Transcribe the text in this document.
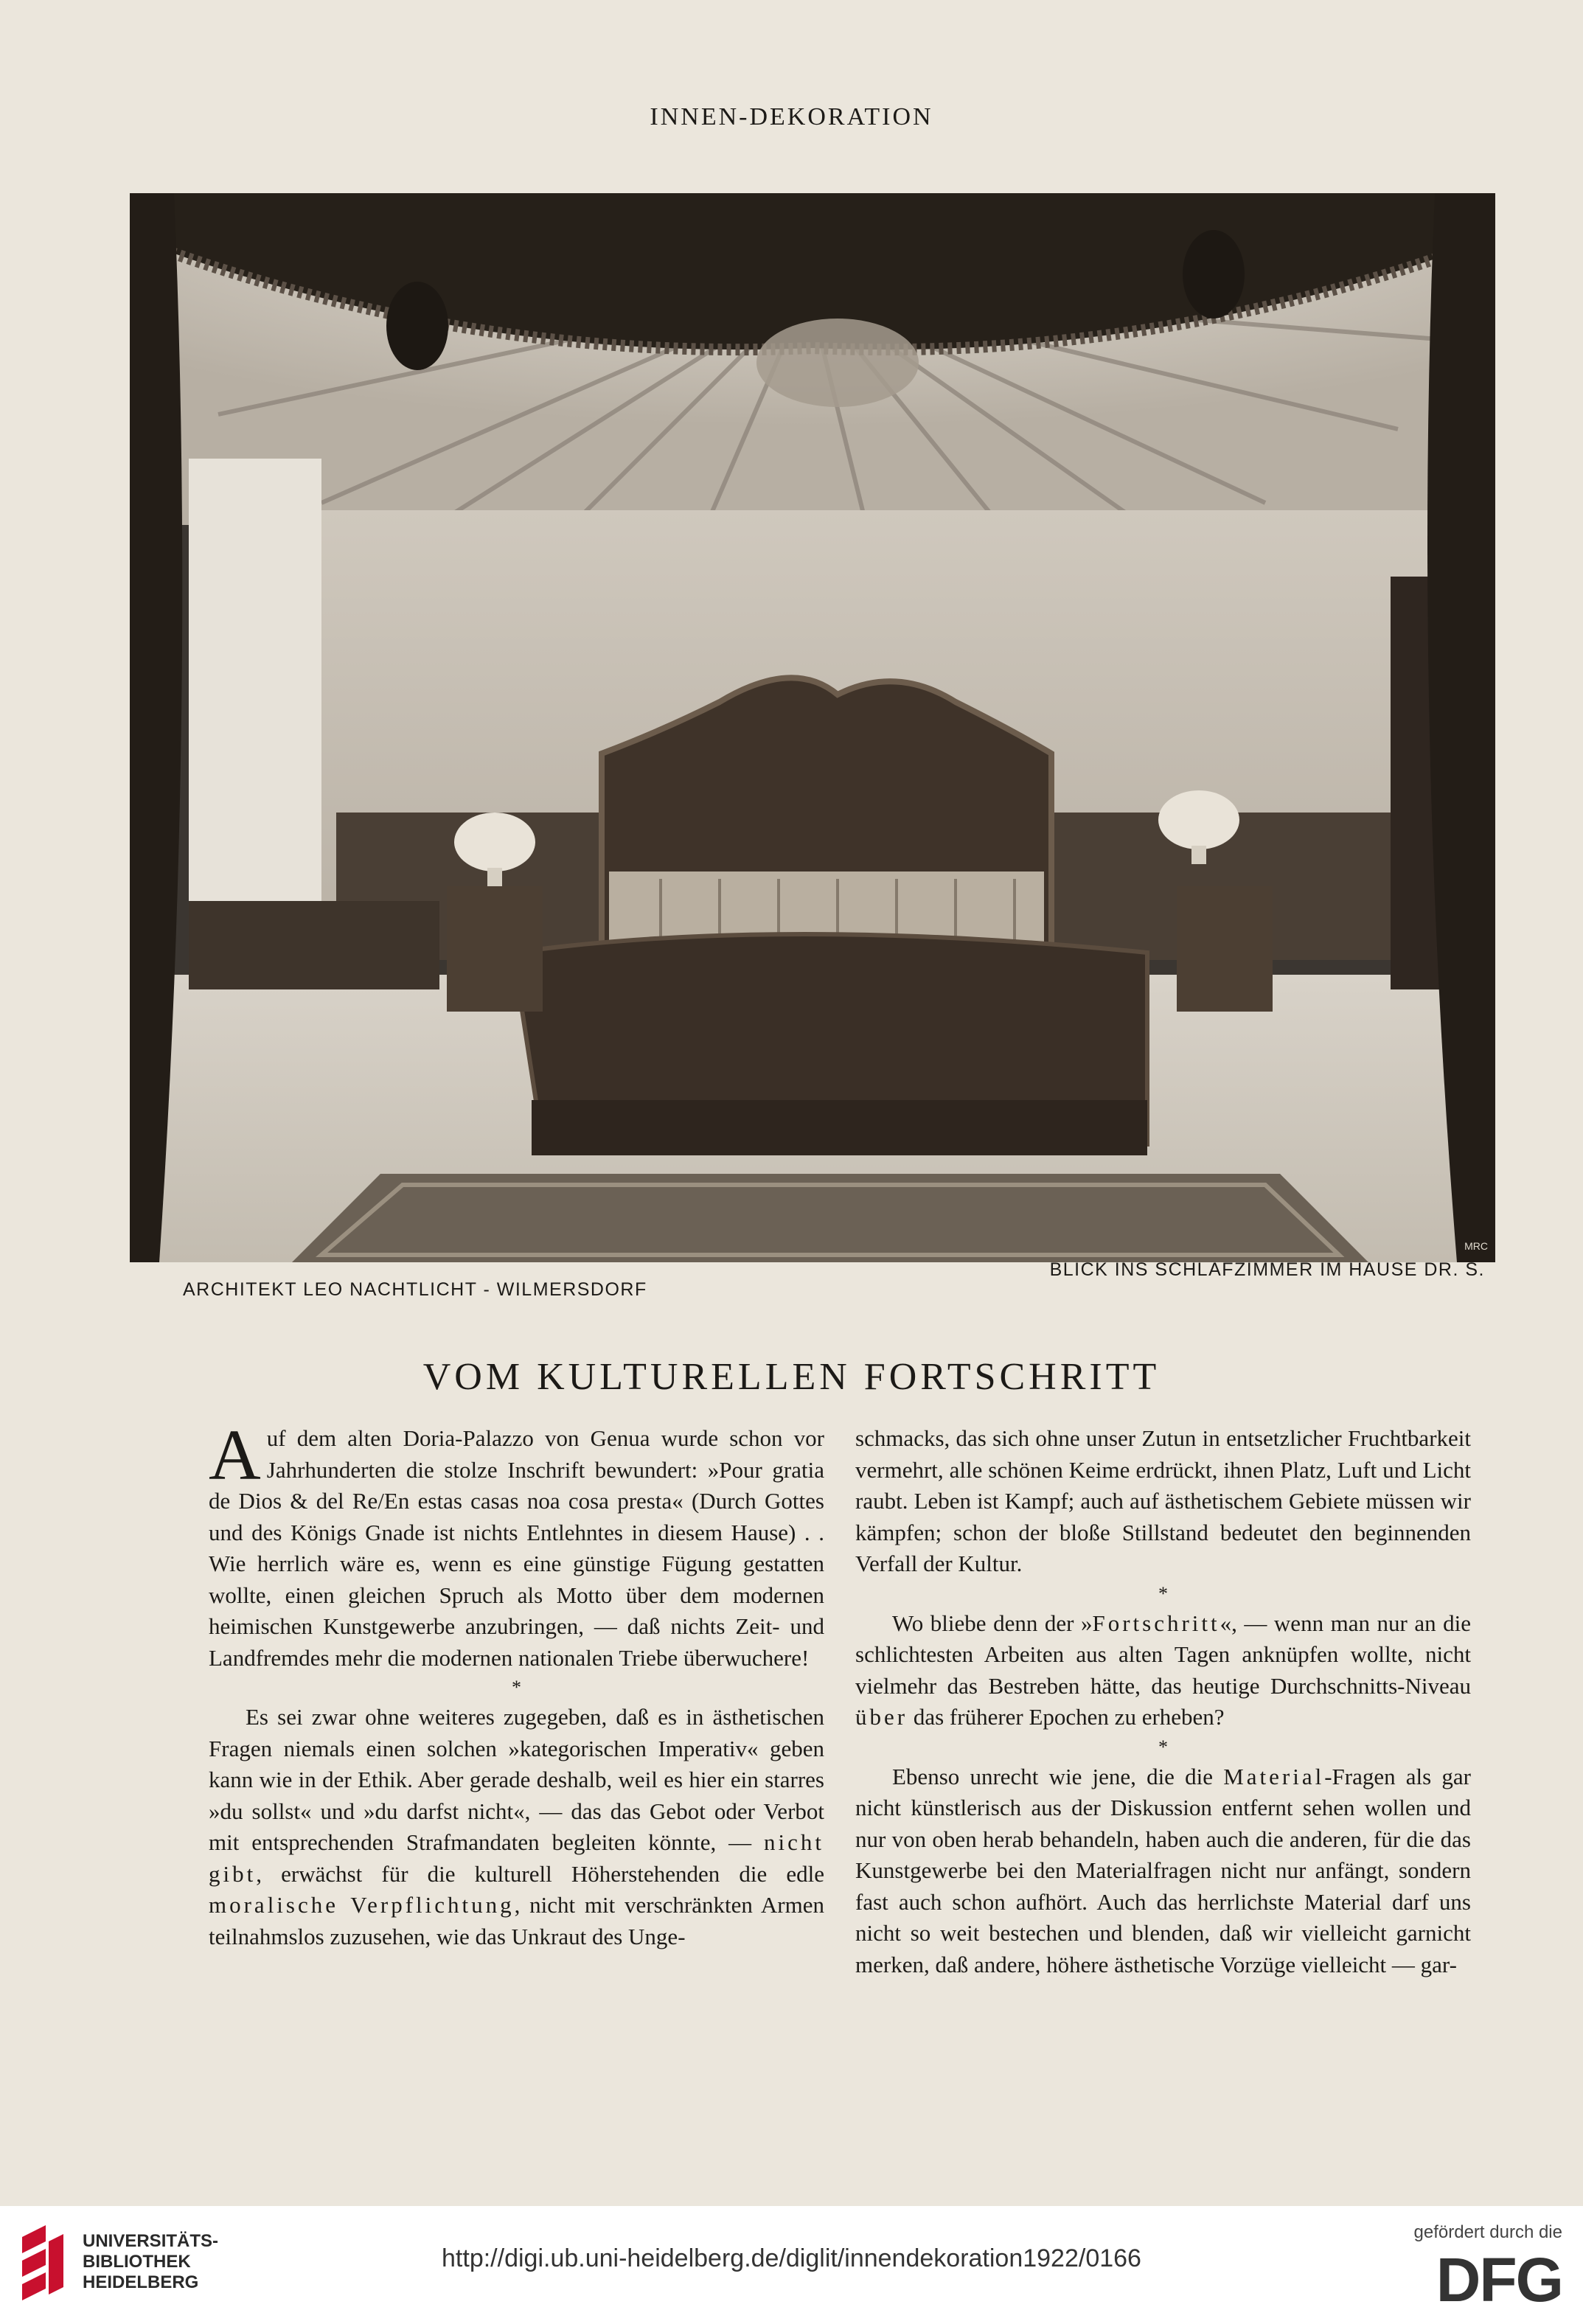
INNEN-DEKORATION
MRC
ARCHITEKT LEO NACHTLICHT - WILMERSDORF
BLICK INS SCHLAFZIMMER IM HAUSE DR. S.
VOM KULTURELLEN FORTSCHRITT

Auf dem alten Doria-Palazzo von Genua wurde schon vor Jahrhunderten die stolze Inschrift bewundert: »Pour gratia de Dios & del Re/En estas casas noa cosa presta« (Durch Gottes und des Königs Gnade ist nichts Entlehntes in diesem Hause) . . Wie herrlich wäre es, wenn es eine günstige Fügung gestatten wollte, einen gleichen Spruch als Motto über dem modernen heimischen Kunstgewerbe anzubringen, — daß nichts Zeit- und Landfremdes mehr die modernen nationalen Triebe überwuchere!

*

Es sei zwar ohne weiteres zugegeben, daß es in ästhetischen Fragen niemals einen solchen »kategorischen Imperativ« geben kann wie in der Ethik. Aber gerade deshalb, weil es hier ein starres »du sollst« und »du darfst nicht«, — das das Gebot oder Verbot mit entsprechenden Strafmandaten begleiten könnte, — nicht gibt, erwächst für die kulturell Höherstehenden die edle moralische Verpflichtung, nicht mit verschränkten Armen teilnahmslos zuzusehen, wie das Unkraut des Unge-

schmacks, das sich ohne unser Zutun in entsetzlicher Fruchtbarkeit vermehrt, alle schönen Keime erdrückt, ihnen Platz, Luft und Licht raubt. Leben ist Kampf; auch auf ästhetischem Gebiete müssen wir kämpfen; schon der bloße Stillstand bedeutet den beginnenden Verfall der Kultur.

*

Wo bliebe denn der »Fortschritt«, — wenn man nur an die schlichtesten Arbeiten aus alten Tagen anknüpfen wollte, nicht vielmehr das Bestreben hätte, das heutige Durchschnitts-Niveau über das früherer Epochen zu erheben?

*

Ebenso unrecht wie jene, die die Material-Fragen als gar nicht künstlerisch aus der Diskussion entfernt sehen wollen und nur von oben herab behandeln, haben auch die anderen, für die das Kunstgewerbe bei den Materialfragen nicht nur anfängt, sondern fast auch schon aufhört. Auch das herrlichste Material darf uns nicht so weit bestechen und blenden, daß wir vielleicht garnicht merken, daß andere, höhere ästhetische Vorzüge vielleicht — gar-

UNIVERSITÄTS-
BIBLIOTHEK
HEIDELBERG
http://digi.ub.uni-heidelberg.de/diglit/innendekoration1922/0166
gefördert durch die
DFG
